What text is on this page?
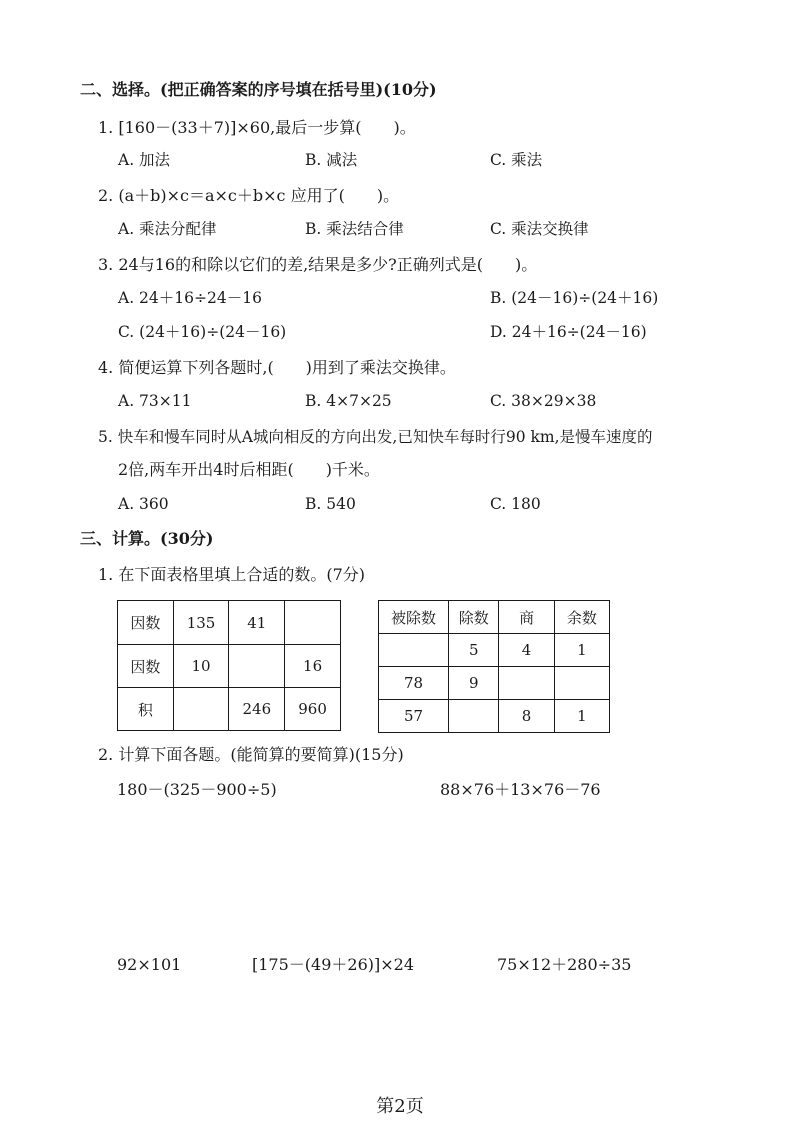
二、选择。(把正确答案的序号填在括号里)(10分)
1. [160－(33＋7)]×60,最后一步算(　　)。
A. 加法	B. 减法	C. 乘法
2. (a＋b)×c＝a×c＋b×c 应用了(　　)。
A. 乘法分配律	B. 乘法结合律	C. 乘法交换律
3. 24与16的和除以它们的差,结果是多少?正确列式是(　　)。
A. 24＋16÷24－16	B. (24－16)÷(24＋16)
C. (24＋16)÷(24－16)	D. 24＋16÷(24－16)
4. 简便运算下列各题时,(　　)用到了乘法交换律。
A. 73×11	B. 4×7×25	C. 38×29×38
5. 快车和慢车同时从A城向相反的方向出发,已知快车每时行90 km,是慢车速度的
2倍,两车开出4时后相距(　　)千米。
A. 360	B. 540	C. 180
三、计算。(30分)
1. 在下面表格里填上合适的数。(7分)
因数	135	41	
因数	10		16
积		246	960
被除数	除数	商	余数
	5	4	1
78	9		
57		8	1
2. 计算下面各题。(能简算的要简算)(15分)
180－(325－900÷5)	88×76＋13×76－76
92×101	[175－(49＋26)]×24	75×12＋280÷35
第2页
